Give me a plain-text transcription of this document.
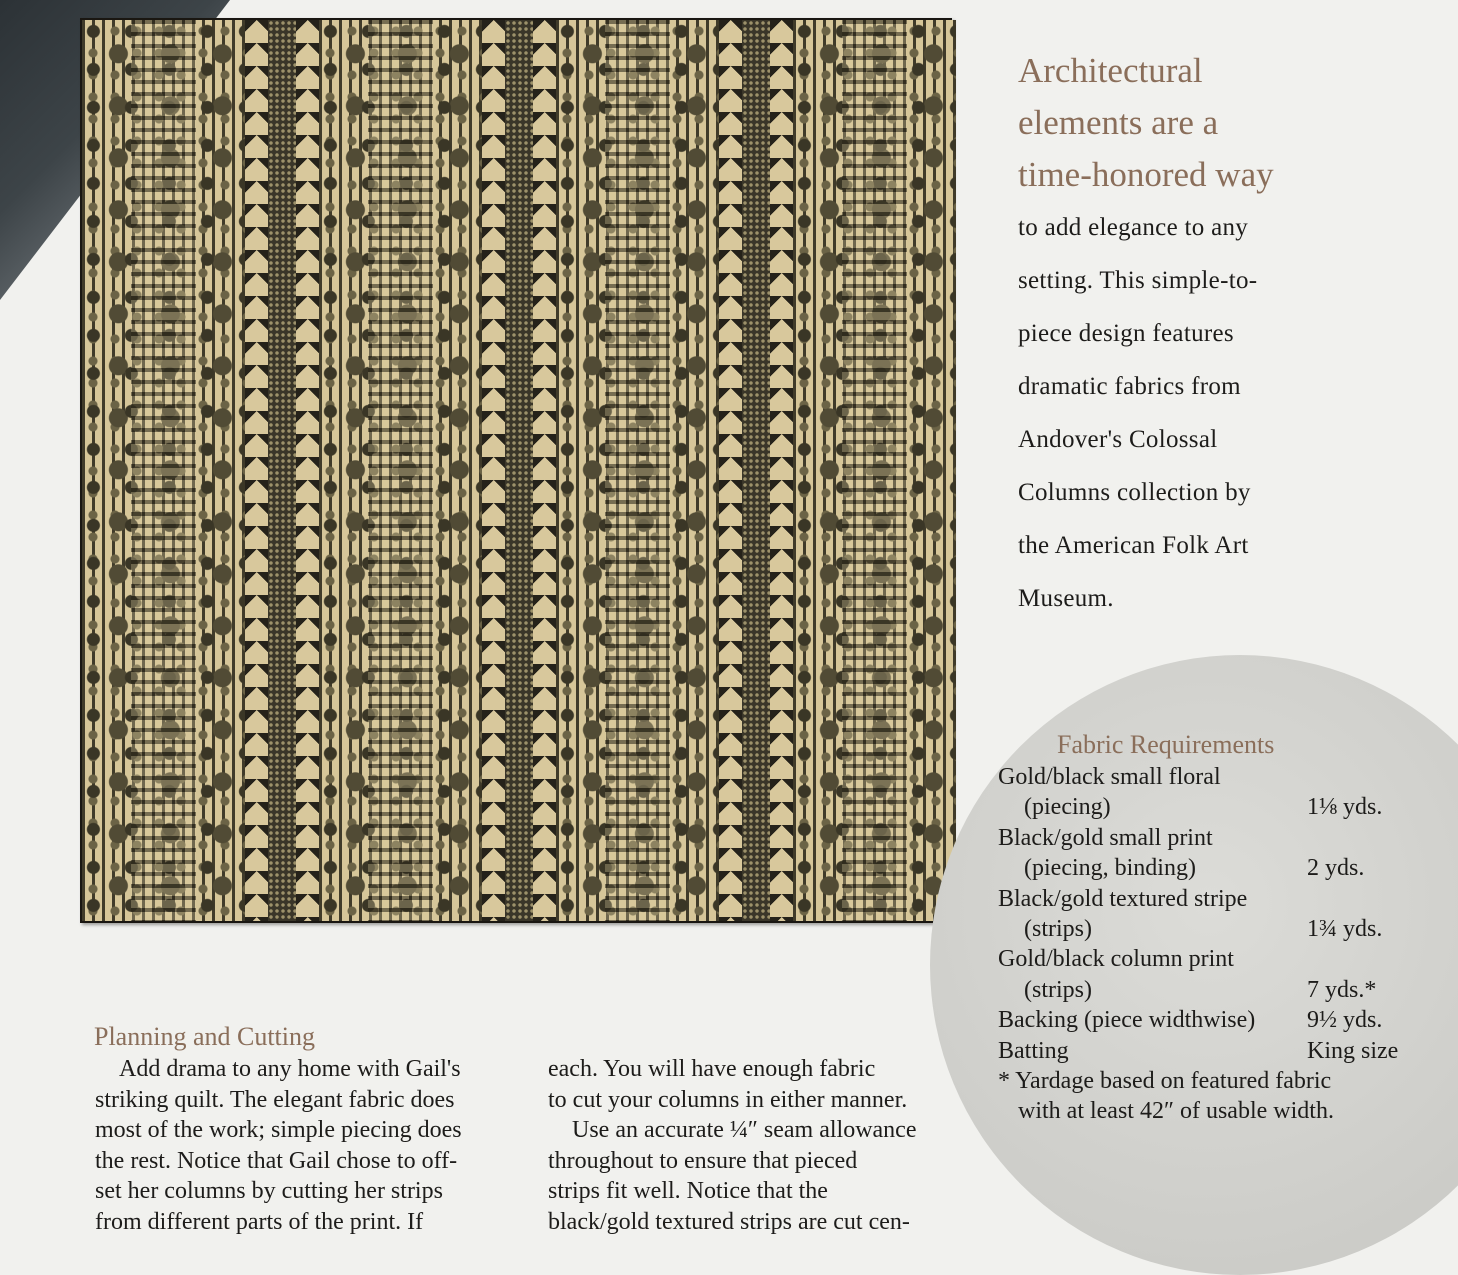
Architectural
elements are a
time-honored way

to add elegance to any
setting. This simple-to-
piece design features
dramatic fabrics from
Andover's Colossal
Columns collection by
the American Folk Art
Museum.

Fabric Requirements
Gold/black small floral
(piecing)	1⅛ yds.
Black/gold small print
(piecing, binding)	2 yds.
Black/gold textured stripe
(strips)	1¾ yds.
Gold/black column print
(strips)	7 yds.*
Backing (piece widthwise) 9½ yds.
Batting	King size

* Yardage based on featured fabric
with at least 42″ of usable width.

Planning and Cutting

Add drama to any home with Gail's
striking quilt. The elegant fabric does
most of the work; simple piecing does
the rest. Notice that Gail chose to off-
set her columns by cutting her strips
from different parts of the print. If

each. You will have enough fabric
to cut your columns in either manner.
Use an accurate ¼″ seam allowance
throughout to ensure that pieced
strips fit well. Notice that the
black/gold textured strips are cut cen-
